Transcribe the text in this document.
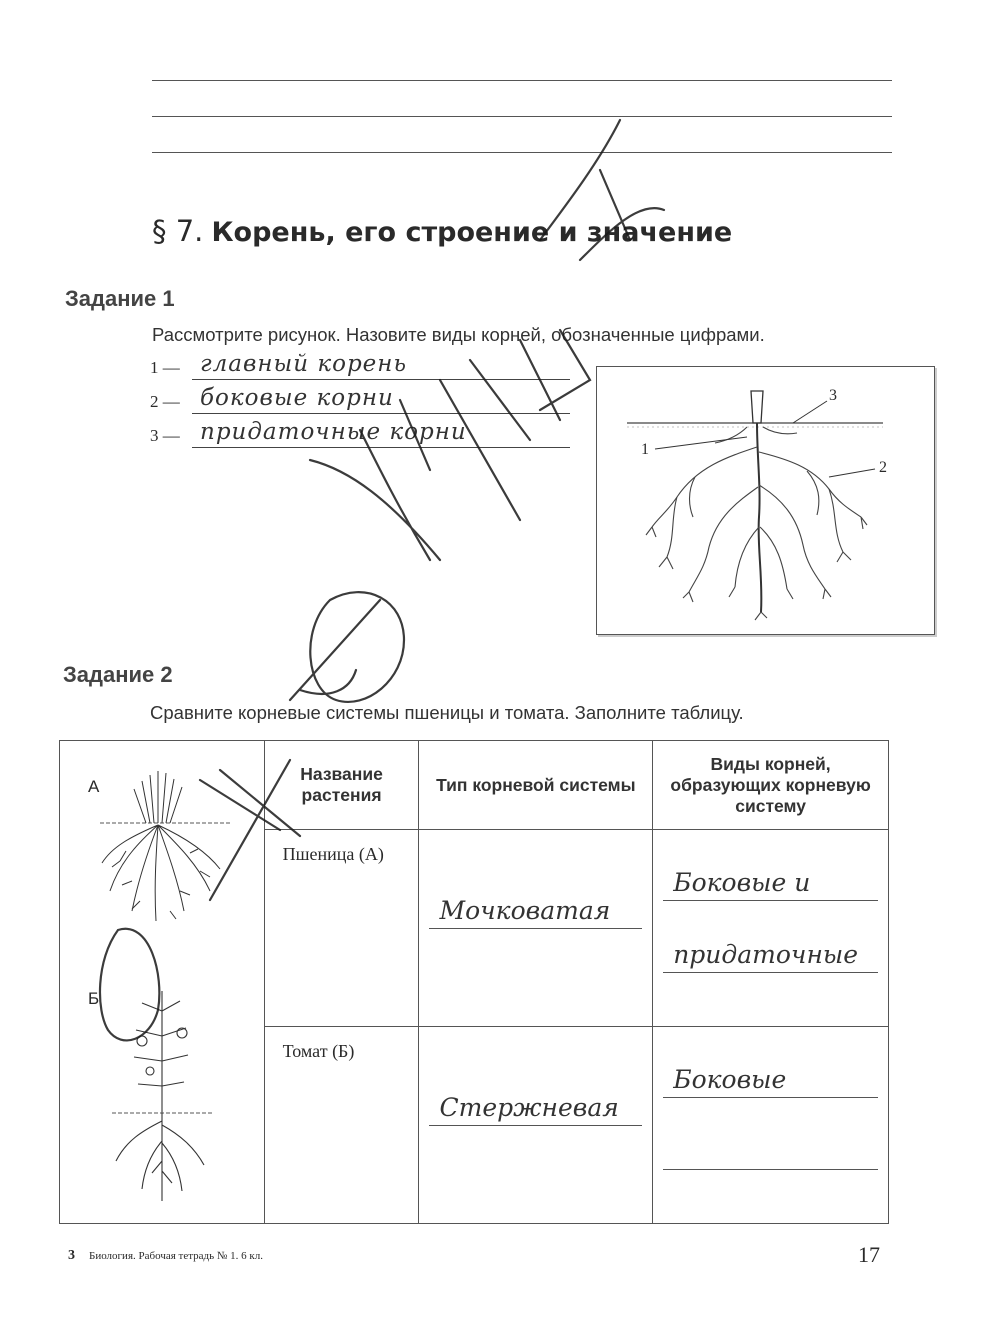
§ 7. Корень, его строение и значение
Задание 1
Рассмотрите рисунок. Назовите виды корней, обозначенные цифрами.
1 — главный корень
2 — боковые корни
3 — придаточные корни
1
2
3
Задание 2
Сравните корневые системы пшеницы и томата. Заполните таблицу.
А
Б	Название растения	Тип корневой системы	Виды корней, образующих корневую систему

	Пшеница (А)	Мочковатая	Боковые и
придаточные

	Томат (Б)	Стержневая	Боковые
3 Биология. Рабочая тетрадь № 1. 6 кл.	17
